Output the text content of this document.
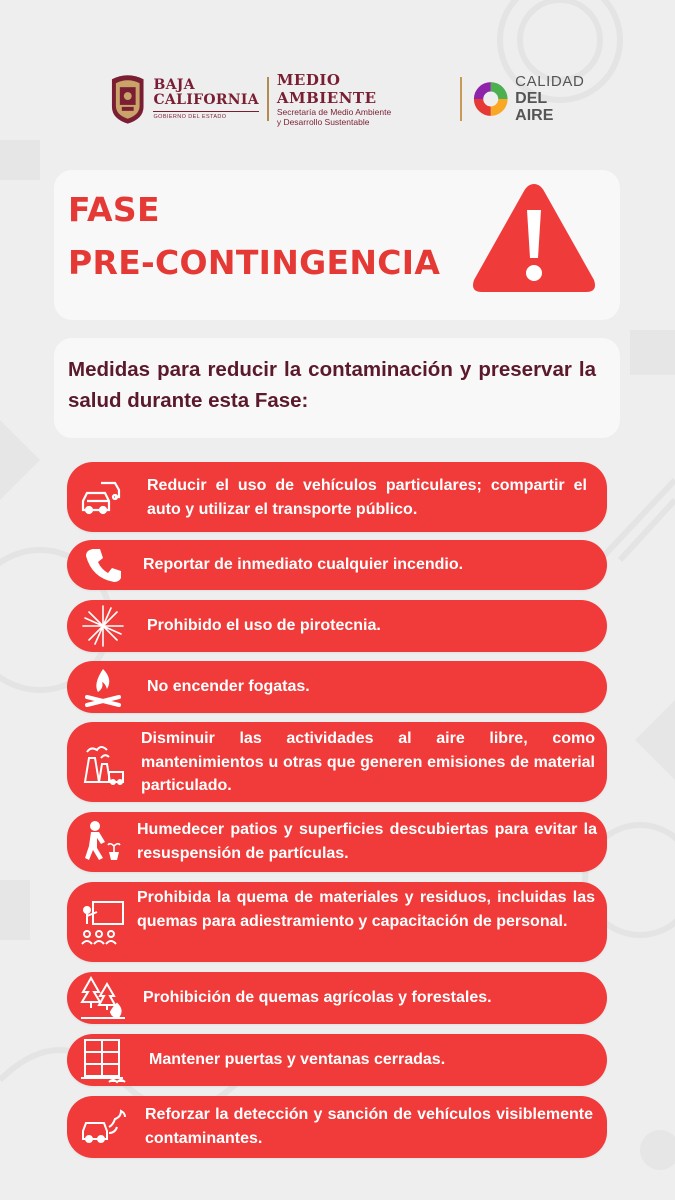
BAJA
CALIFORNIA
GOBIERNO DEL ESTADO
MEDIO AMBIENTE
Secretaría de Medio Ambiente
y Desarrollo Sustentable
CALIDAD
DEL AIRE
FASE
PRE-CONTINGENCIA
Medidas para reducir la contaminación y preservar la salud durante esta Fase:
Reducir el uso de vehículos particulares; compartir el auto y utilizar el transporte público.
Reportar de inmediato cualquier incendio.
Prohibido el uso de pirotecnia.
No encender fogatas.
Disminuir las actividades al aire libre, como mantenimientos u otras que generen emisiones de material particulado.
Humedecer patios y superficies descubiertas para evitar la resuspensión de partículas.
Prohibida la quema de materiales y residuos, incluidas las quemas para adiestramiento y capacitación de personal.
Prohibición de quemas agrícolas y forestales.
Mantener puertas y ventanas cerradas.
Reforzar la detección y sanción de vehículos visiblemente contaminantes.
